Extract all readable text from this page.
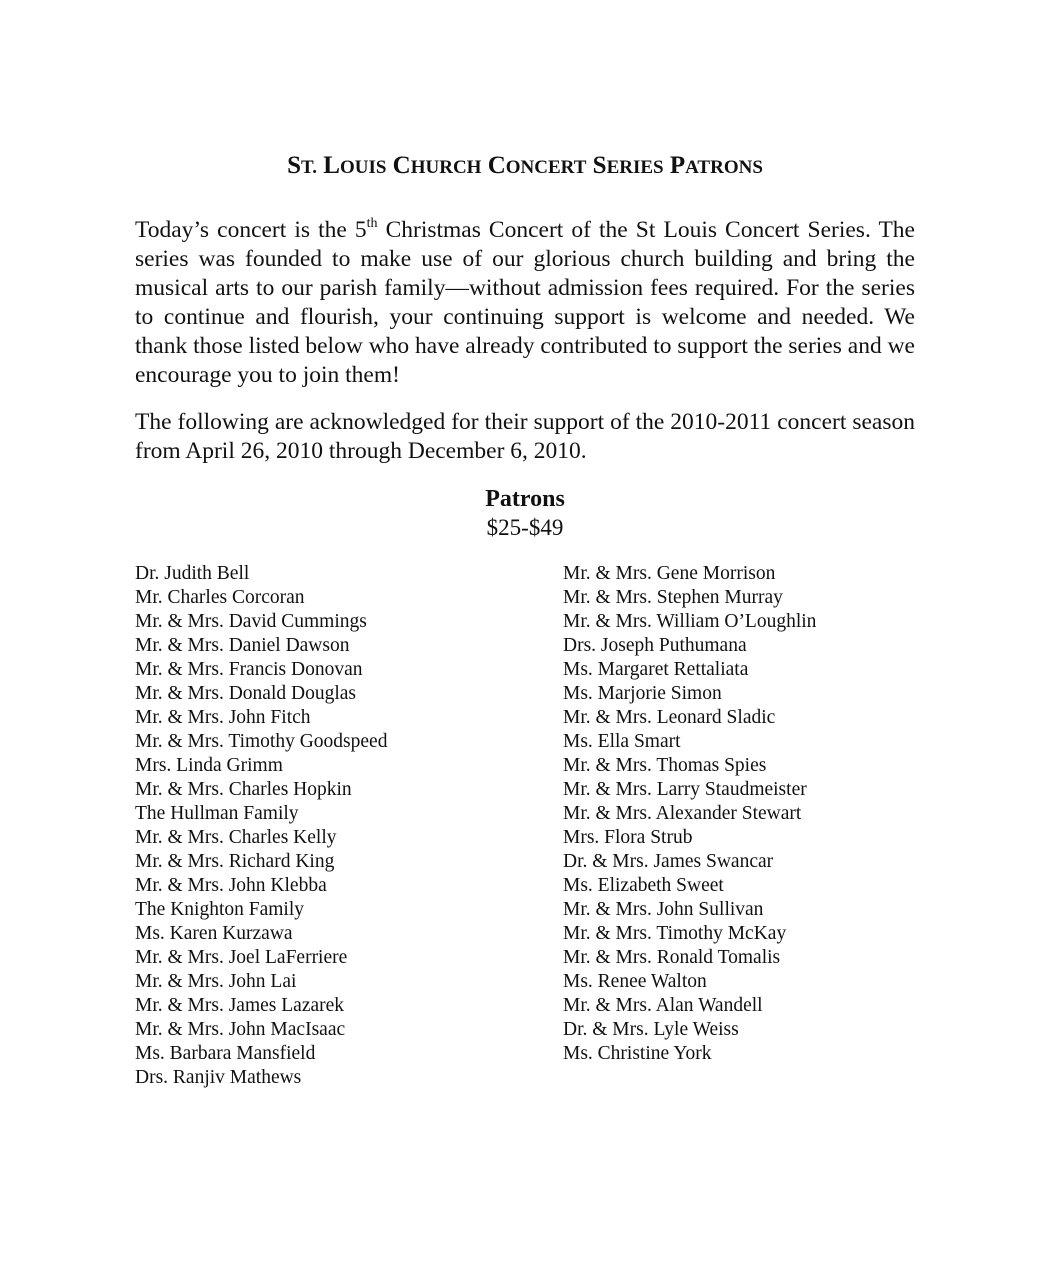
ST. LOUIS CHURCH CONCERT SERIES PATRONS

Today’s concert is the 5th Christmas Concert of the St Louis Concert Series. The series was founded to make use of our glorious church building and bring the musical arts to our parish family—without admission fees required. For the series to continue and flourish, your continuing support is welcome and needed. We thank those listed below who have already contributed to support the series and we encourage you to join them!

The following are acknowledged for their support of the 2010-2011 concert season from April 26, 2010 through December 6, 2010.

Patrons
$25-$49
Dr. Judith Bell
Mr. Charles Corcoran
Mr. & Mrs. David Cummings
Mr. & Mrs. Daniel Dawson
Mr. & Mrs. Francis Donovan
Mr. & Mrs. Donald Douglas
Mr. & Mrs. John Fitch
Mr. & Mrs. Timothy Goodspeed
Mrs. Linda Grimm
Mr. & Mrs. Charles Hopkin
The Hullman Family
Mr. & Mrs. Charles Kelly
Mr. & Mrs. Richard King
Mr. & Mrs. John Klebba
The Knighton Family
Ms. Karen Kurzawa
Mr. & Mrs. Joel LaFerriere
Mr. & Mrs. John Lai
Mr. & Mrs. James Lazarek
Mr. & Mrs. John MacIsaac
Ms. Barbara Mansfield
Drs. Ranjiv Mathews
Mr. & Mrs. Gene Morrison
Mr. & Mrs. Stephen Murray
Mr. & Mrs. William O’Loughlin
Drs. Joseph Puthumana
Ms. Margaret Rettaliata
Ms. Marjorie Simon
Mr. & Mrs. Leonard Sladic
Ms. Ella Smart
Mr. & Mrs. Thomas Spies
Mr. & Mrs. Larry Staudmeister
Mr. & Mrs. Alexander Stewart
Mrs. Flora Strub
Dr. & Mrs. James Swancar
Ms. Elizabeth Sweet
Mr. & Mrs. John Sullivan
Mr. & Mrs. Timothy McKay
Mr. & Mrs. Ronald Tomalis
Ms. Renee Walton
Mr. & Mrs. Alan Wandell
Dr. & Mrs. Lyle Weiss
Ms. Christine York
